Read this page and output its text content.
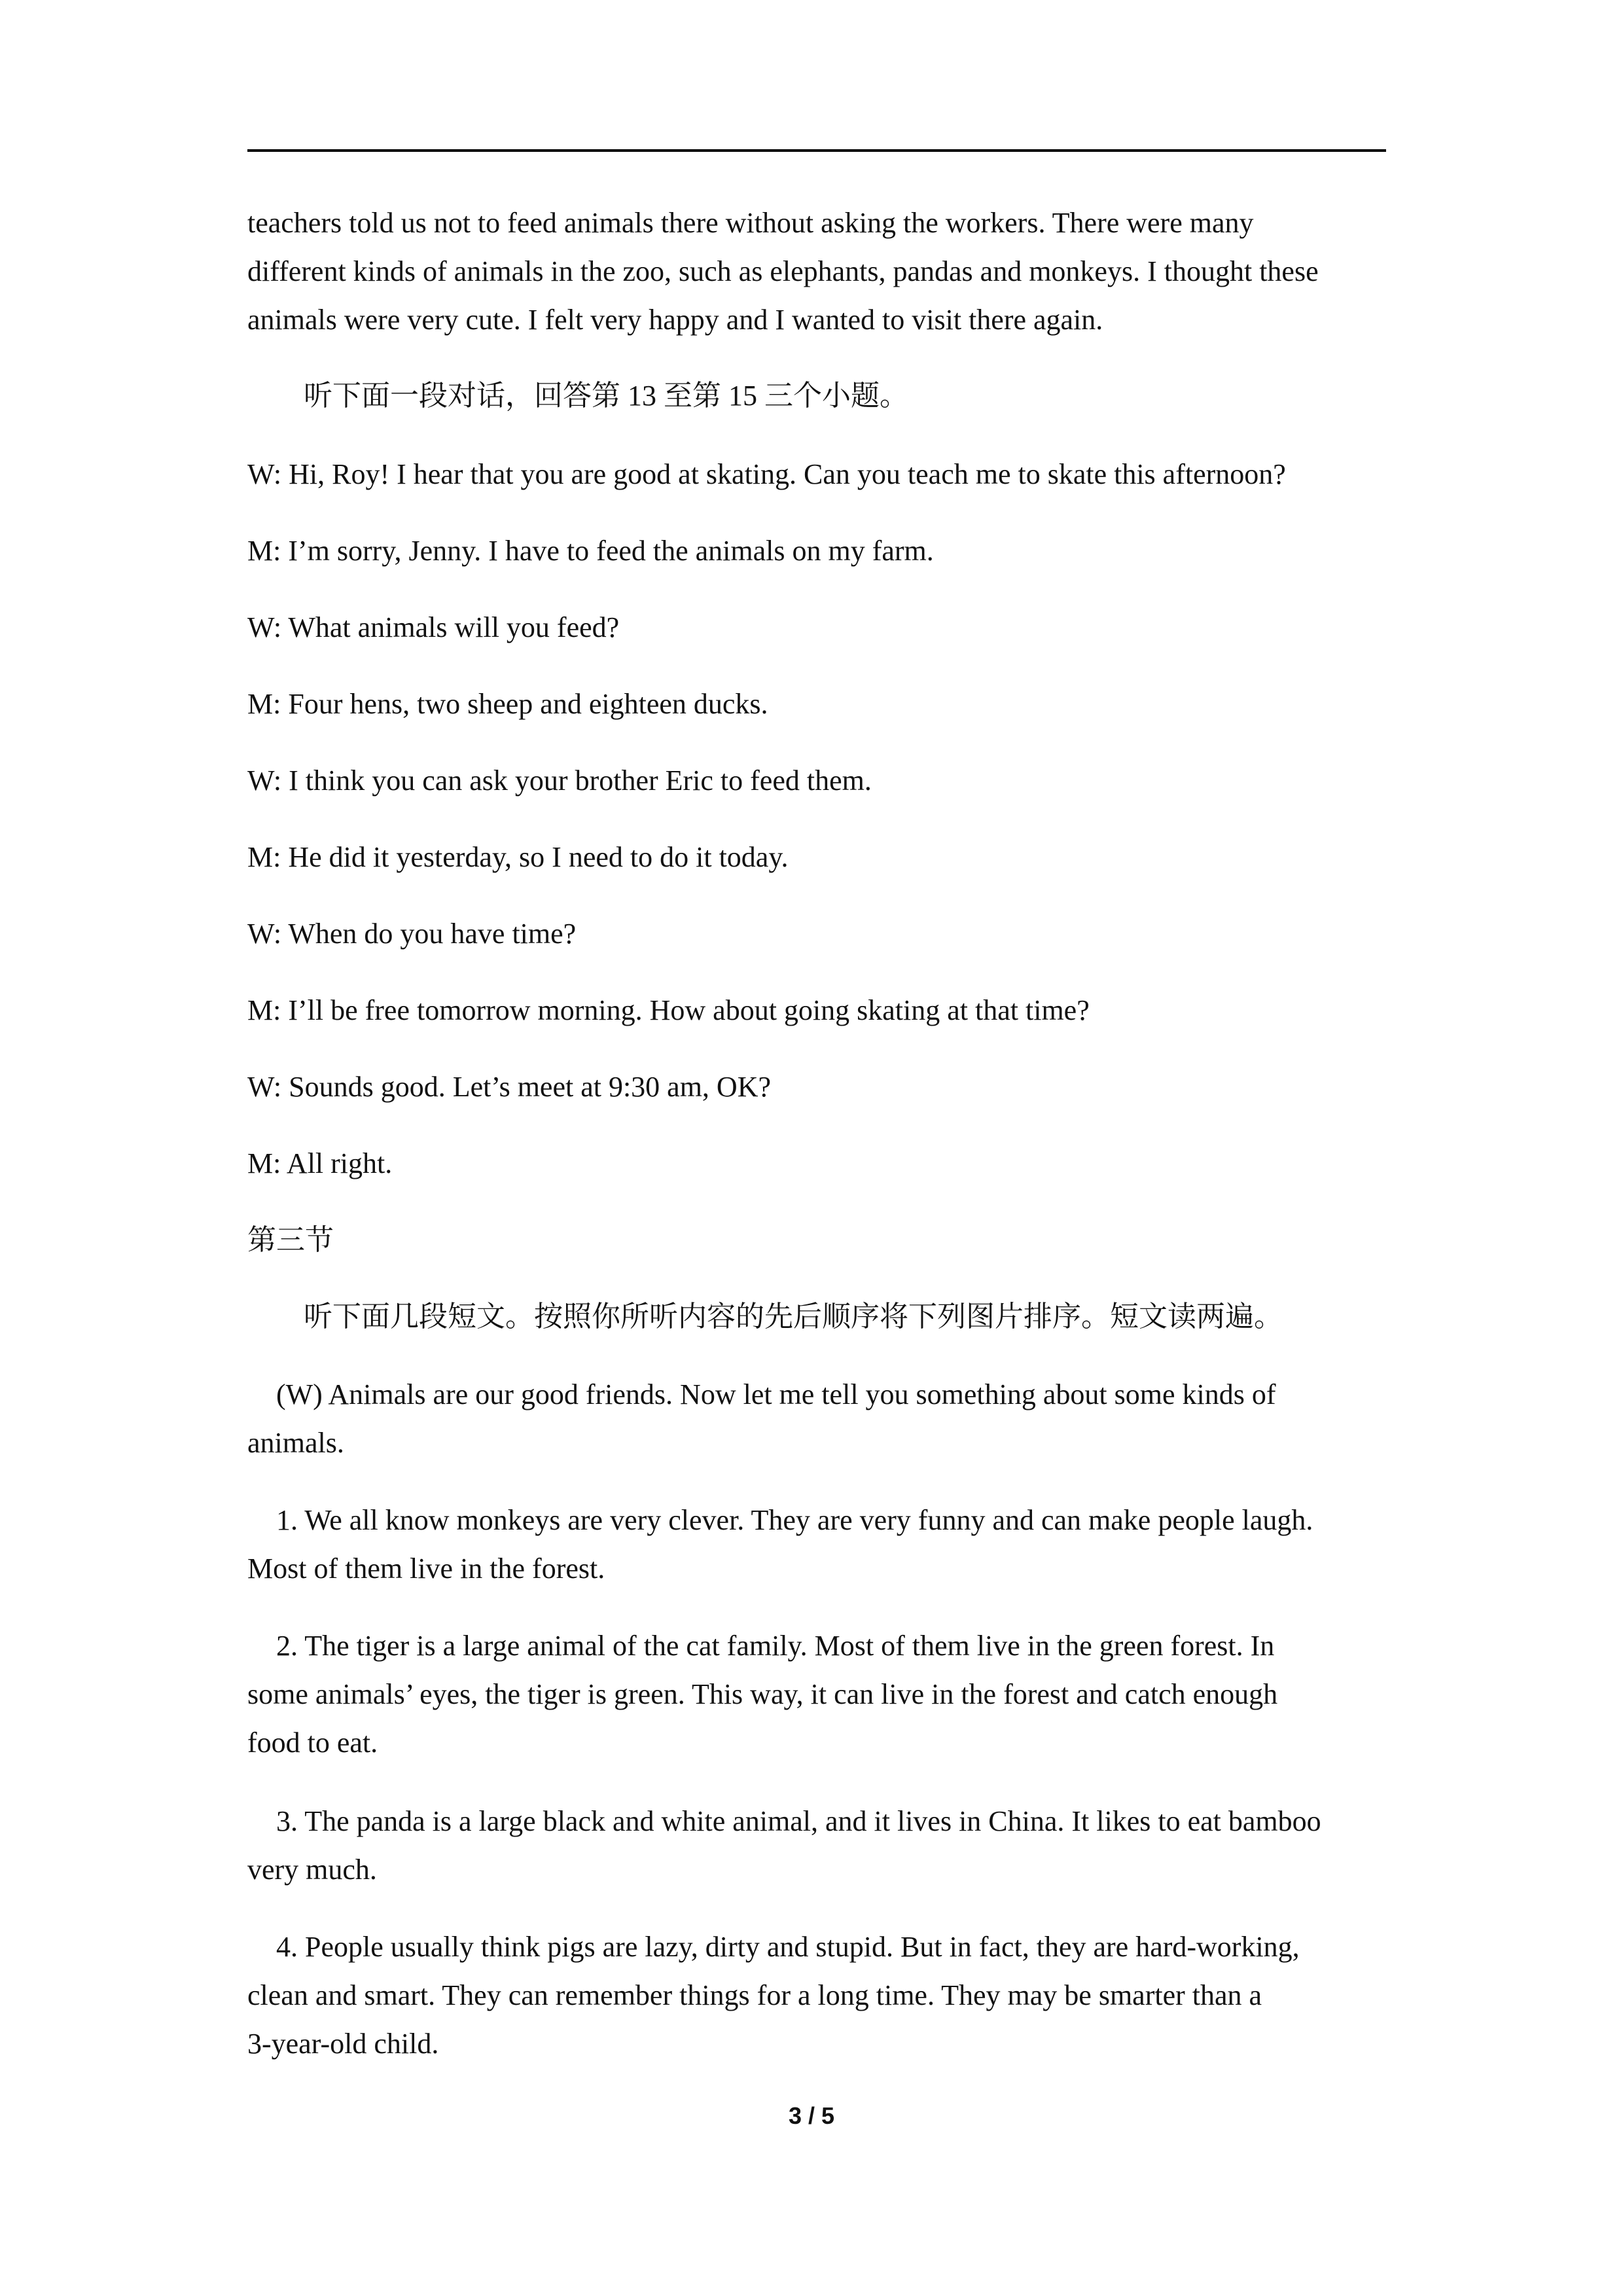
teachers told us not to feed animals there without asking the workers. There were many
different kinds of animals in the zoo, such as elephants, pandas and monkeys. I thought these
animals were very cute. I felt very happy and I wanted to visit there again.
听下面一段对话，回答第 13 至第 15 三个小题。
W: Hi, Roy! I hear that you are good at skating. Can you teach me to skate this afternoon?
M: I’m sorry, Jenny. I have to feed the animals on my farm.
W: What animals will you feed?
M: Four hens, two sheep and eighteen ducks.
W: I think you can ask your brother Eric to feed them.
M: He did it yesterday, so I need to do it today.
W: When do you have time?
M: I’ll be free tomorrow morning. How about going skating at that time?
W: Sounds good. Let’s meet at 9:30 am, OK?
M: All right.
第三节
听下面几段短文。按照你所听内容的先后顺序将下列图片排序。短文读两遍。
(W) Animals are our good friends. Now let me tell you something about some kinds of
animals.
1. We all know monkeys are very clever. They are very funny and can make people laugh.
Most of them live in the forest.
2. The tiger is a large animal of the cat family. Most of them live in the green forest. In
some animals’ eyes, the tiger is green. This way, it can live in the forest and catch enough
food to eat.
3. The panda is a large black and white animal, and it lives in China. It likes to eat bamboo
very much.
4. People usually think pigs are lazy, dirty and stupid. But in fact, they are hard-working,
clean and smart. They can remember things for a long time. They may be smarter than a
3-year-old child.
3 / 5
